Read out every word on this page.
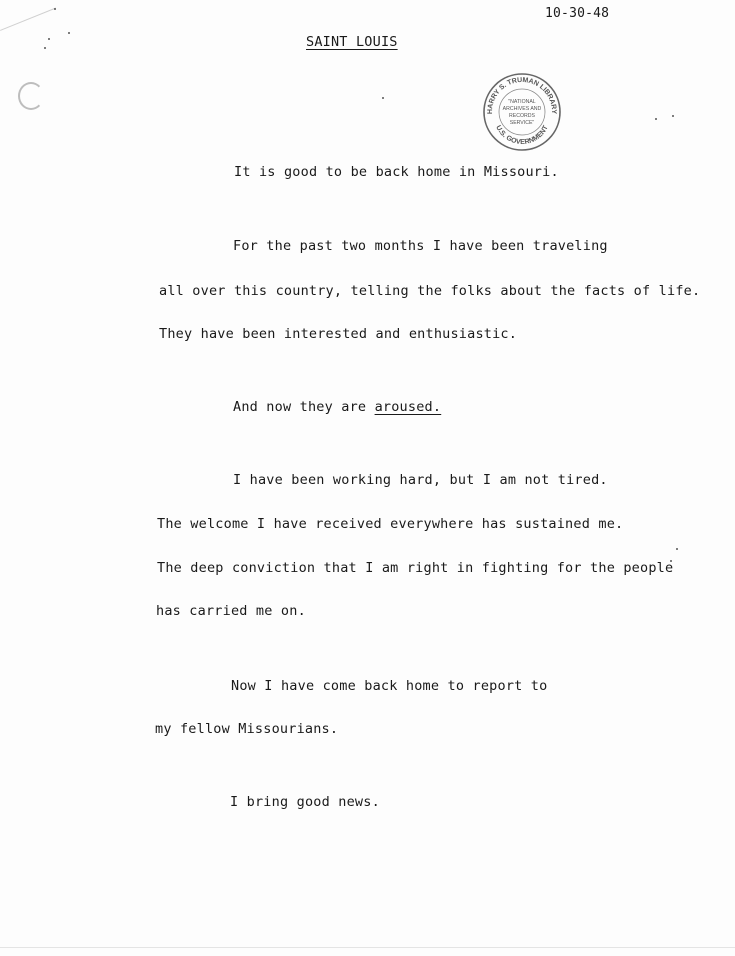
10-30-48
SAINT LOUIS
HARRY S. TRUMAN LIBRARY
U.S. GOVERNMENT
"NATIONAL
ARCHIVES AND
RECORDS
SERVICE"
It is good to be back home in Missouri.
For the past two months I have been traveling
all over this country, telling the folks about the facts of life.
They have been interested and enthusiastic.
And now they are aroused.
I have been working hard, but I am not tired.
The welcome I have received everywhere has sustained me.
The deep conviction that I am right in fighting for the people
has carried me on.
Now I have come back home to report to
my fellow Missourians.
I bring good news.
